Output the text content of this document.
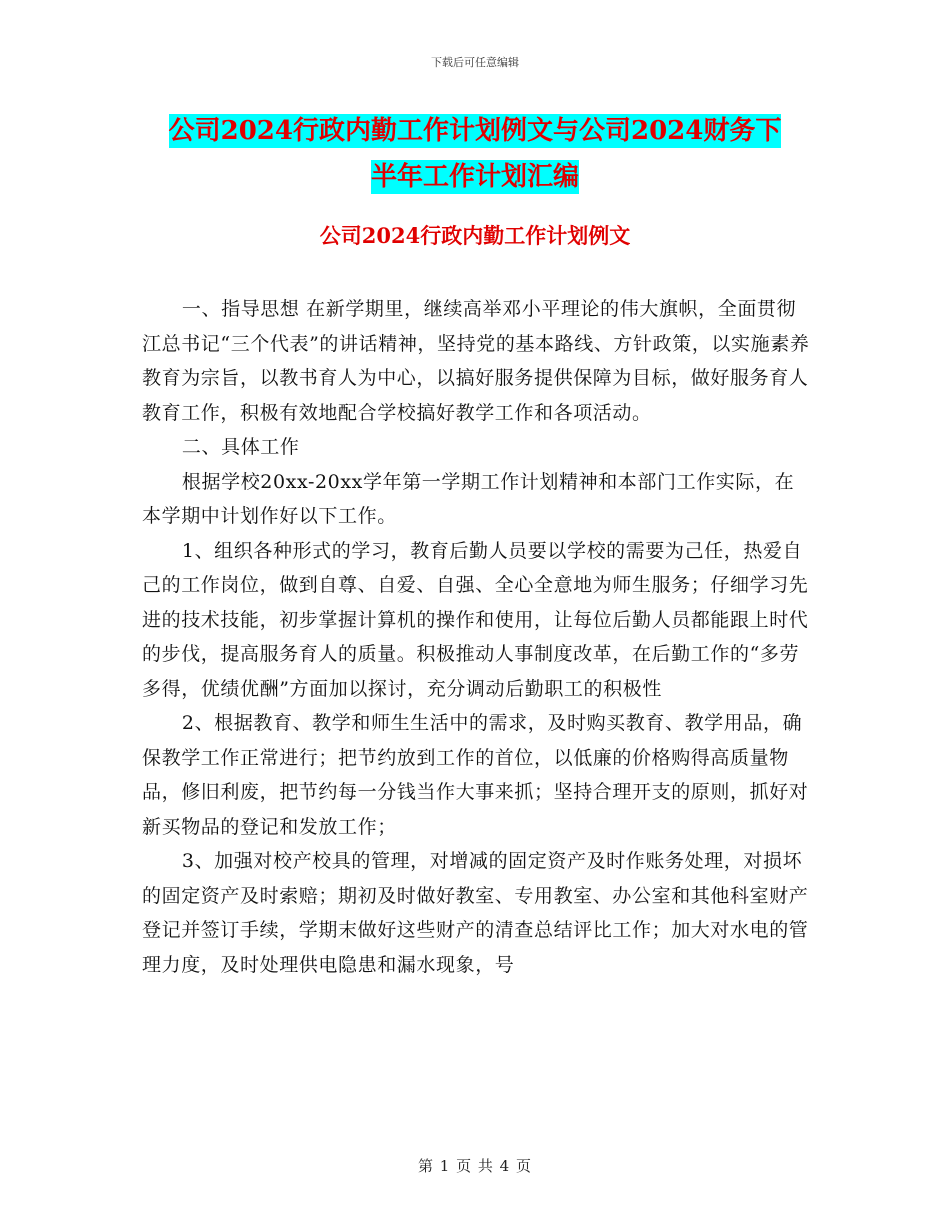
下载后可任意编辑
公司2024行政内勤工作计划例文与公司2024财务下
半年工作计划汇编
公司2024行政内勤工作计划例文

一、指导思想 在新学期里，继续高举邓小平理论的伟大旗帜，全面贯彻江总书记“三个代表”的讲话精神，坚持党的基本路线、方针政策，以实施素养教育为宗旨，以教书育人为中心，以搞好服务提供保障为目标，做好服务育人教育工作，积极有效地配合学校搞好教学工作和各项活动。

二、具体工作

根据学校20xx-20xx学年第一学期工作计划精神和本部门工作实际，在本学期中计划作好以下工作。

1、组织各种形式的学习，教育后勤人员要以学校的需要为己任，热爱自己的工作岗位，做到自尊、自爱、自强、全心全意地为师生服务；仔细学习先进的技术技能，初步掌握计算机的操作和使用，让每位后勤人员都能跟上时代的步伐，提高服务育人的质量。积极推动人事制度改革，在后勤工作的“多劳多得，优绩优酬”方面加以探讨，充分调动后勤职工的积极性

2、根据教育、教学和师生生活中的需求，及时购买教育、教学用品，确保教学工作正常进行；把节约放到工作的首位，以低廉的价格购得高质量物品，修旧利废，把节约每一分钱当作大事来抓；坚持合理开支的原则，抓好对新买物品的登记和发放工作；

3、加强对校产校具的管理，对增减的固定资产及时作账务处理，对损坏的固定资产及时索赔；期初及时做好教室、专用教室、办公室和其他科室财产登记并签订手续，学期末做好这些财产的清查总结评比工作；加大对水电的管理力度，及时处理供电隐患和漏水现象，号

第 1 页 共 4 页
